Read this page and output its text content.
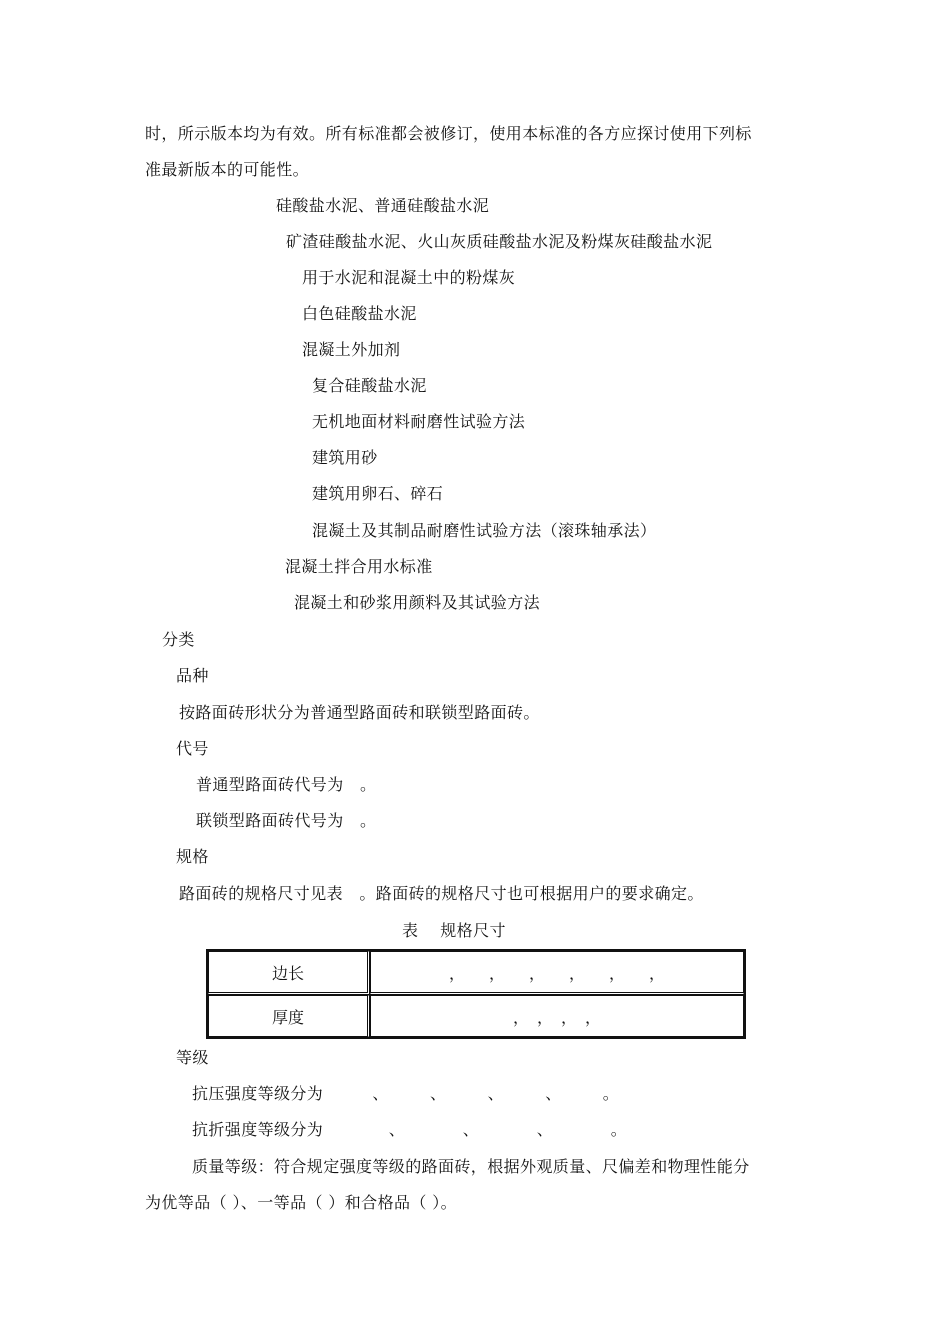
时，所示版本均为有效。所有标准都会被修订，使用本标准的各方应探讨使用下列标
准最新版本的可能性。
硅酸盐水泥、普通硅酸盐水泥
矿渣硅酸盐水泥、火山灰质硅酸盐水泥及粉煤灰硅酸盐水泥
用于水泥和混凝土中的粉煤灰
白色硅酸盐水泥
混凝土外加剂
复合硅酸盐水泥
无机地面材料耐磨性试验方法
建筑用砂
建筑用卵石、碎石
混凝土及其制品耐磨性试验方法（滚珠轴承法）
混凝土拌合用水标准
混凝土和砂浆用颜料及其试验方法
分类
品种
按路面砖形状分为普通型路面砖和联锁型路面砖。
代号
普通型路面砖代号为　。
联锁型路面砖代号为　。
规格
路面砖的规格尺寸见表　。路面砖的规格尺寸也可根据用户的要求确定。
表　 规格尺寸
边长	，　　，　　，　　，　　，　　，
厚度	，　，　，　，
等级
抗压强度等级分为　　　、　　　、　　　、　　　、　　　。
抗折强度等级分为　　　　、　　　　、　　　　、　　　　。
质量等级：符合规定强度等级的路面砖，根据外观质量、尺偏差和物理性能分
为优等品（ ）、一等品（ ）和合格品（ ）。
